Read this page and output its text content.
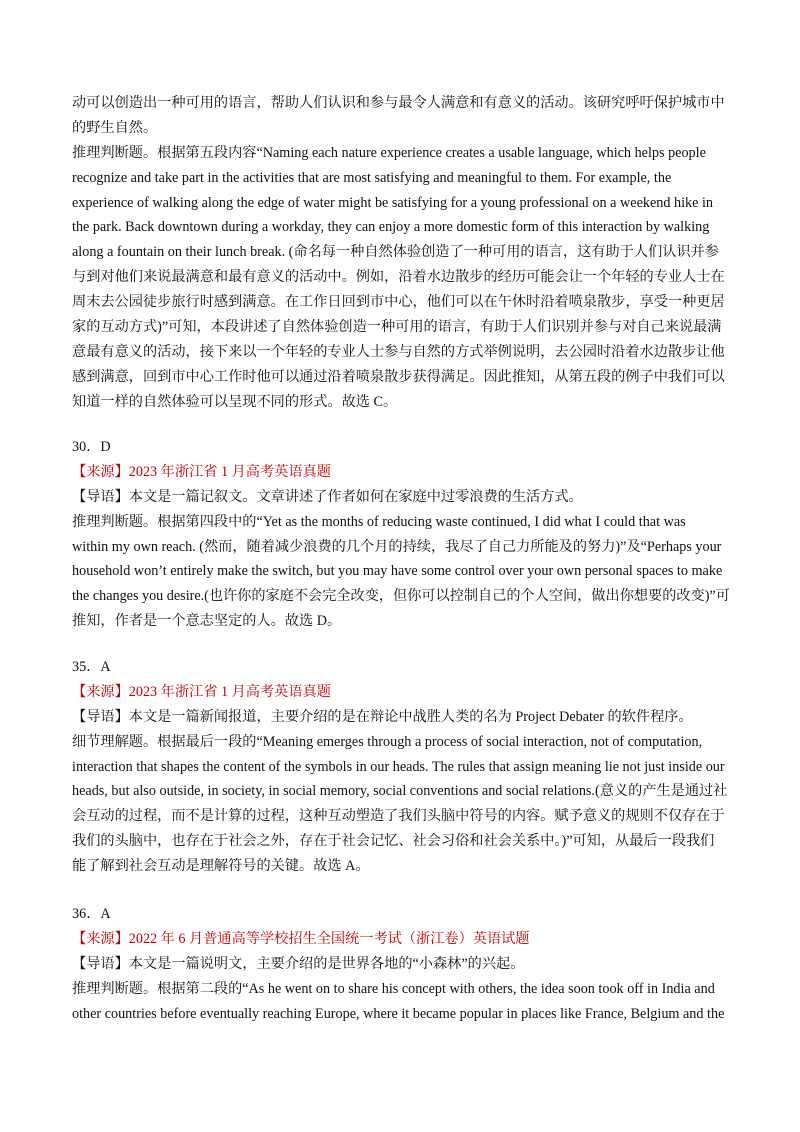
动可以创造出一种可用的语言，帮助人们认识和参与最令人满意和有意义的活动。该研究呼吁保护城市中
的野生自然。
推理判断题。根据第五段内容“Naming each nature experience creates a usable language, which helps people
recognize and take part in the activities that are most satisfying and meaningful to them. For example, the
experience of walking along the edge of water might be satisfying for a young professional on a weekend hike in
the park. Back downtown during a workday, they can enjoy a more domestic form of this interaction by walking
along a fountain on their lunch break. (命名每一种自然体验创造了一种可用的语言，这有助于人们认识并参
与到对他们来说最满意和最有意义的活动中。例如，沿着水边散步的经历可能会让一个年轻的专业人士在
周末去公园徒步旅行时感到满意。在工作日回到市中心，他们可以在午休时沿着喷泉散步，享受一种更居
家的互动方式)”可知，本段讲述了自然体验创造一种可用的语言，有助于人们识别并参与对自己来说最满
意最有意义的活动，接下来以一个年轻的专业人士参与自然的方式举例说明，去公园时沿着水边散步让他
感到满意，回到市中心工作时他可以通过沿着喷泉散步获得满足。因此推知，从第五段的例子中我们可以
知道一样的自然体验可以呈现不同的形式。故选 C。
30．D
【来源】2023 年浙江省 1 月高考英语真题
【导语】本文是一篇记叙文。文章讲述了作者如何在家庭中过零浪费的生活方式。
推理判断题。根据第四段中的“Yet as the months of reducing waste continued, I did what I could that was
within my own reach. (然而，随着减少浪费的几个月的持续，我尽了自己力所能及的努力)”及“Perhaps your
household won’t entirely make the switch, but you may have some control over your own personal spaces to make
the changes you desire.(也许你的家庭不会完全改变，但你可以控制自己的个人空间，做出你想要的改变)”可
推知，作者是一个意志坚定的人。故选 D。
35．A
【来源】2023 年浙江省 1 月高考英语真题
【导语】本文是一篇新闻报道，主要介绍的是在辩论中战胜人类的名为 Project Debater 的软件程序。
细节理解题。根据最后一段的“Meaning emerges through a process of social interaction, not of computation,
interaction that shapes the content of the symbols in our heads. The rules that assign meaning lie not just inside our
heads, but also outside, in society, in social memory, social conventions and social relations.(意义的产生是通过社
会互动的过程，而不是计算的过程，这种互动塑造了我们头脑中符号的内容。赋予意义的规则不仅存在于
我们的头脑中，也存在于社会之外，存在于社会记忆、社会习俗和社会关系中。)”可知，从最后一段我们
能了解到社会互动是理解符号的关键。故选 A。
36．A
【来源】2022 年 6 月普通高等学校招生全国统一考试（浙江卷）英语试题
【导语】本文是一篇说明文，主要介绍的是世界各地的“小森林”的兴起。
推理判断题。根据第二段的“As he went on to share his concept with others, the idea soon took off in India and
other countries before eventually reaching Europe, where it became popular in places like France, Belgium and the
